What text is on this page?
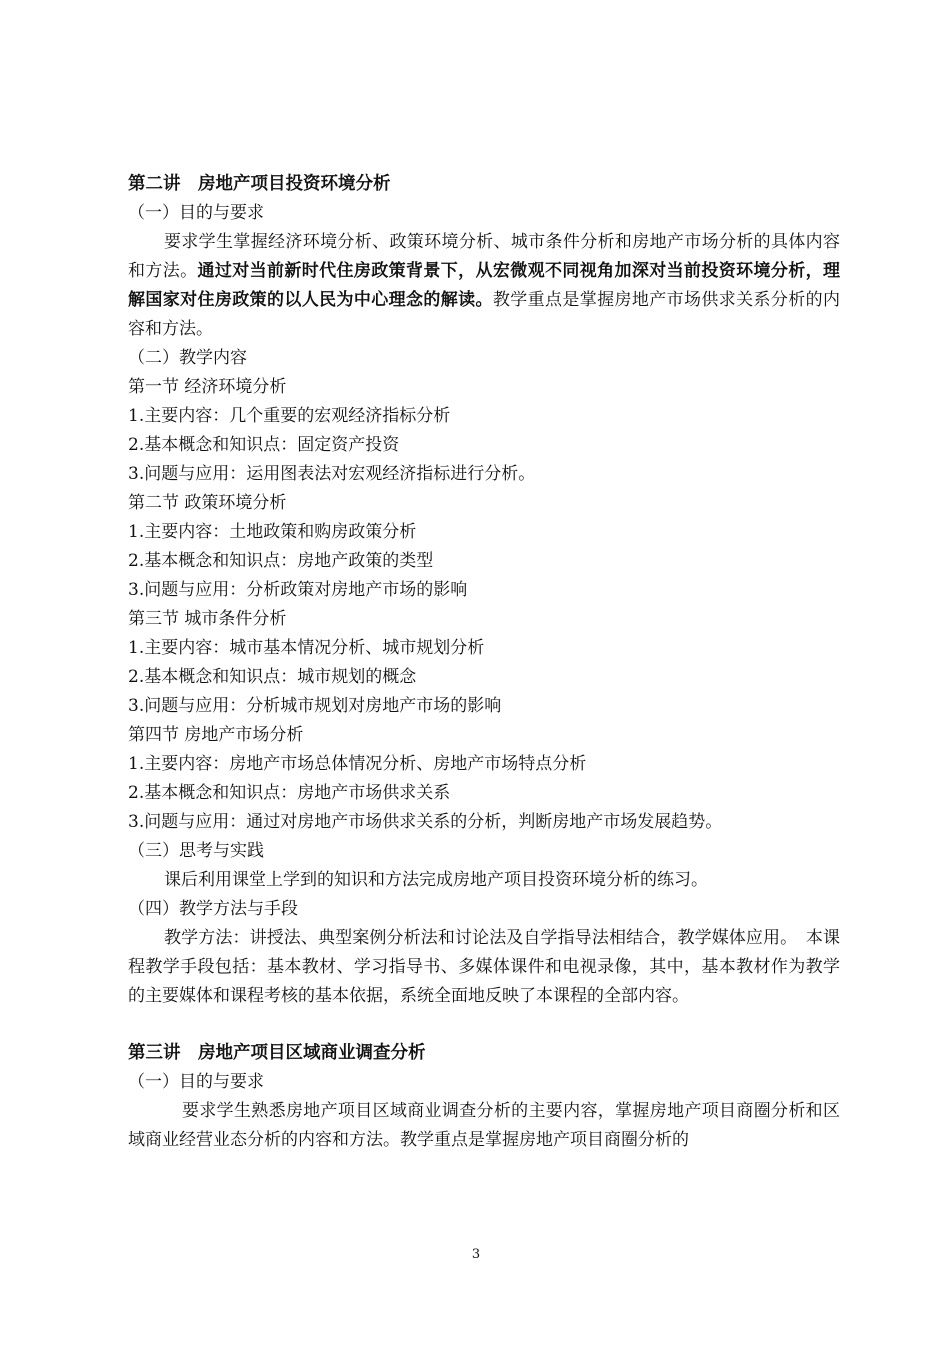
第二讲　房地产项目投资环境分析

（一）目的与要求

要求学生掌握经济环境分析、政策环境分析、城市条件分析和房地产市场分析的具体内容和方法。通过对当前新时代住房政策背景下，从宏微观不同视角加深对当前投资环境分析，理解国家对住房政策的以人民为中心理念的解读。教学重点是掌握房地产市场供求关系分析的内容和方法。

（二）教学内容

第一节 经济环境分析

1.主要内容：几个重要的宏观经济指标分析

2.基本概念和知识点：固定资产投资

3.问题与应用：运用图表法对宏观经济指标进行分析。

第二节 政策环境分析

1.主要内容：土地政策和购房政策分析

2.基本概念和知识点：房地产政策的类型

3.问题与应用：分析政策对房地产市场的影响

第三节 城市条件分析

1.主要内容：城市基本情况分析、城市规划分析

2.基本概念和知识点：城市规划的概念

3.问题与应用：分析城市规划对房地产市场的影响

第四节 房地产市场分析

1.主要内容：房地产市场总体情况分析、房地产市场特点分析

2.基本概念和知识点：房地产市场供求关系

3.问题与应用：通过对房地产市场供求关系的分析，判断房地产市场发展趋势。

（三）思考与实践

课后利用课堂上学到的知识和方法完成房地产项目投资环境分析的练习。

（四）教学方法与手段

教学方法：讲授法、典型案例分析法和讨论法及自学指导法相结合，教学媒体应用。　本课程教学手段包括：基本教材、学习指导书、多媒体课件和电视录像，其中，基本教材作为教学的主要媒体和课程考核的基本依据，系统全面地反映了本课程的全部内容。

第三讲　房地产项目区域商业调查分析

（一）目的与要求

要求学生熟悉房地产项目区域商业调查分析的主要内容，掌握房地产项目商圈分析和区域商业经营业态分析的内容和方法。教学重点是掌握房地产项目商圈分析的

3
